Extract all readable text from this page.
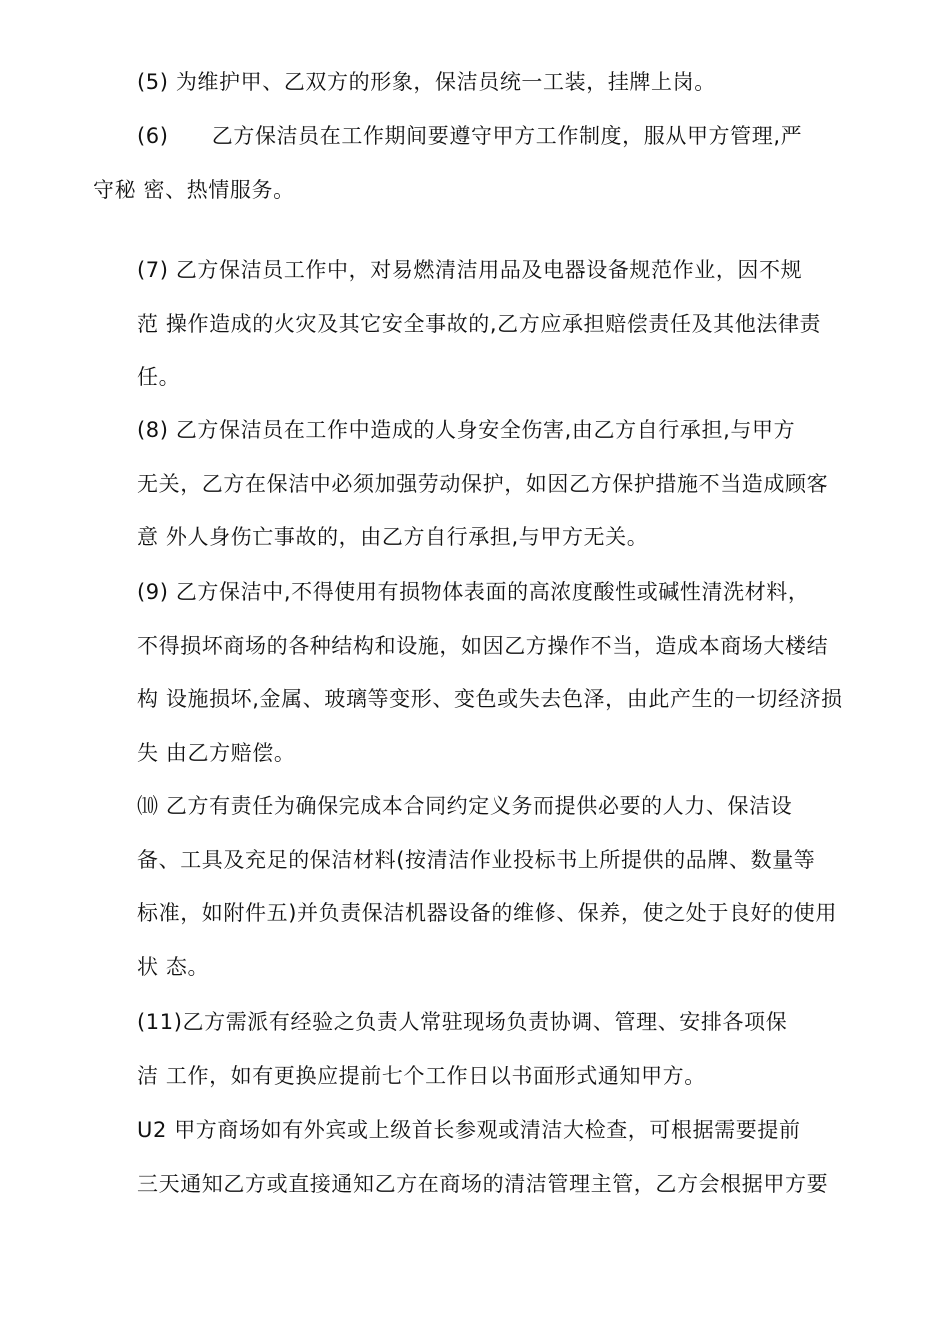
(5) 为维护甲、乙双方的形象，保洁员统一工装，挂牌上岗。
(6)　　乙方保洁员在工作期间要遵守甲方工作制度，服从甲方管理,严
守秘 密、热情服务。
(7) 乙方保洁员工作中，对易燃清洁用品及电器设备规范作业，因不规
范 操作造成的火灾及其它安全事故的,乙方应承担赔偿责任及其他法律责
任。
(8) 乙方保洁员在工作中造成的人身安全伤害,由乙方自行承担,与甲方
无关，乙方在保洁中必须加强劳动保护，如因乙方保护措施不当造成顾客
意 外人身伤亡事故的，由乙方自行承担,与甲方无关。
(9) 乙方保洁中,不得使用有损物体表面的高浓度酸性或碱性清洗材料，
不得损坏商场的各种结构和设施，如因乙方操作不当，造成本商场大楼结
构 设施损坏,金属、玻璃等变形、变色或失去色泽，由此产生的一切经济损
失 由乙方赔偿。
⑽ 乙方有责任为确保完成本合同约定义务而提供必要的人力、保洁设
备、工具及充足的保洁材料(按清洁作业投标书上所提供的品牌、数量等
标准，如附件五)并负责保洁机器设备的维修、保养，使之处于良好的使用
状 态。
(11)乙方需派有经验之负责人常驻现场负责协调、管理、安排各项保
洁 工作，如有更换应提前七个工作日以书面形式通知甲方。
U2 甲方商场如有外宾或上级首长参观或清洁大检查，可根据需要提前
三天通知乙方或直接通知乙方在商场的清洁管理主管，乙方会根据甲方要
